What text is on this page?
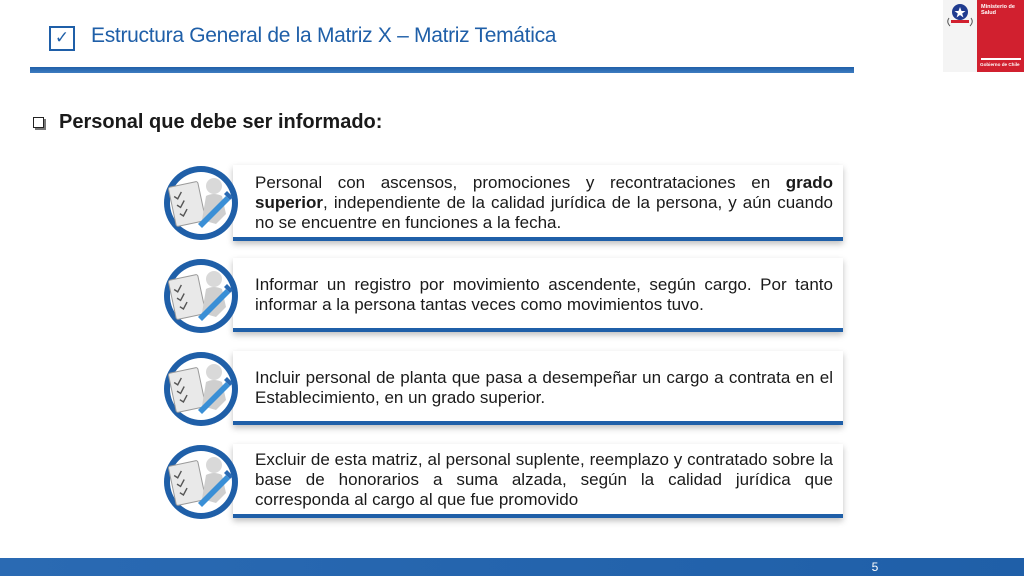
✓ Estructura General de la Matriz X – Matriz Temática
Ministerio de
Salud
Gobierno de Chile
Personal que debe ser informado:
Personal con ascensos, promociones y recontrataciones en grado superior, independiente de la calidad jurídica de la persona, y aún cuando no se encuentre en funciones a la fecha.
Informar un registro por movimiento ascendente, según cargo. Por tanto informar a la persona tantas veces como movimientos tuvo.
Incluir personal de planta que pasa a desempeñar un cargo a contrata en el Establecimiento, en un grado superior.
Excluir de esta matriz, al personal suplente, reemplazo y contratado sobre la base de honorarios a suma alzada, según la calidad jurídica que corresponda al cargo al que fue promovido
5
